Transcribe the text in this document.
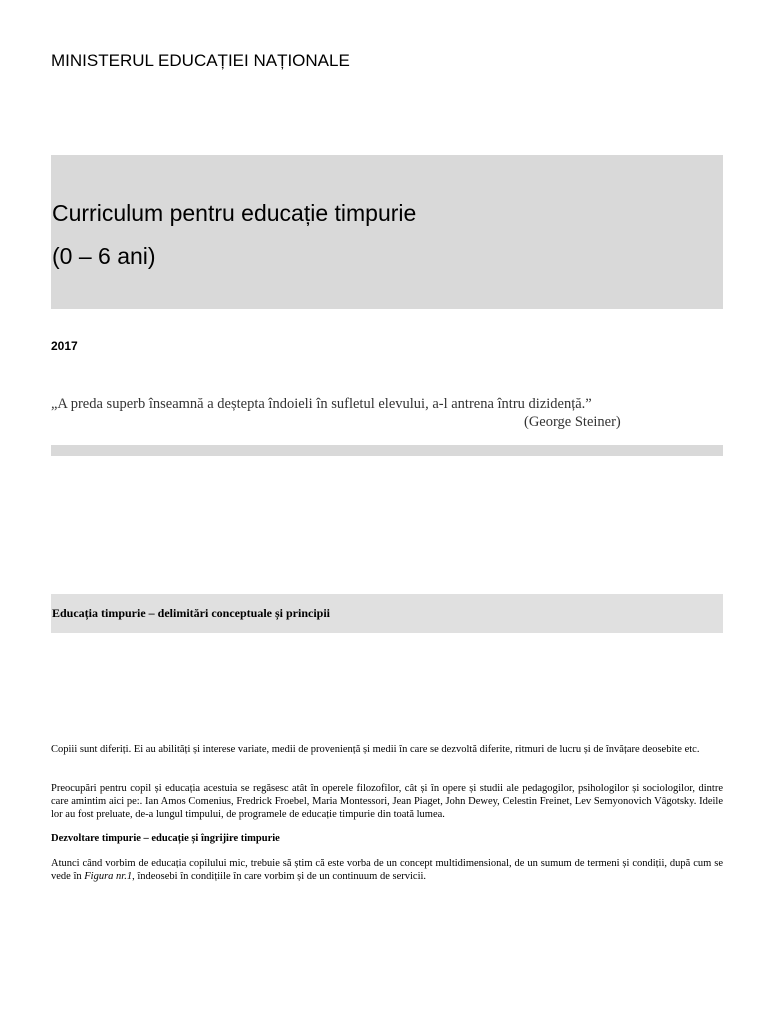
MINISTERUL EDUCAȚIEI NAȚIONALE
Curriculum pentru educație timpurie
(0 – 6 ani)
2017
„A preda superb înseamnă a deștepta îndoieli în sufletul elevului, a-l antrena întru dizidență.”
(George Steiner)
Educația timpurie – delimitări conceptuale și principii
Copiii sunt diferiți. Ei au abilități și interese variate, medii de proveniență și medii în care se dezvoltă diferite, ritmuri de lucru și de învățare deosebite etc.
Preocupări pentru copil și educația acestuia se regăsesc atât în operele filozofilor, cât și în opere și studii ale pedagogilor, psihologilor și sociologilor, dintre care amintim aici pe:. Ian Amos Comenius, Fredrick Froebel, Maria Montessori, Jean Piaget, John Dewey, Celestin Freinet, Lev Semyonovich Vâgotsky. Ideile lor au fost preluate, de-a lungul timpului, de programele de educație timpurie din toată lumea.
Dezvoltare timpurie – educație și îngrijire timpurie
Atunci când vorbim de educația copilului mic, trebuie să știm că este vorba de un concept multidimensional, de un sumum de termeni și condiții, după cum se vede în Figura nr.1, îndeosebi în condițiile în care vorbim și de un continuum de servicii.
